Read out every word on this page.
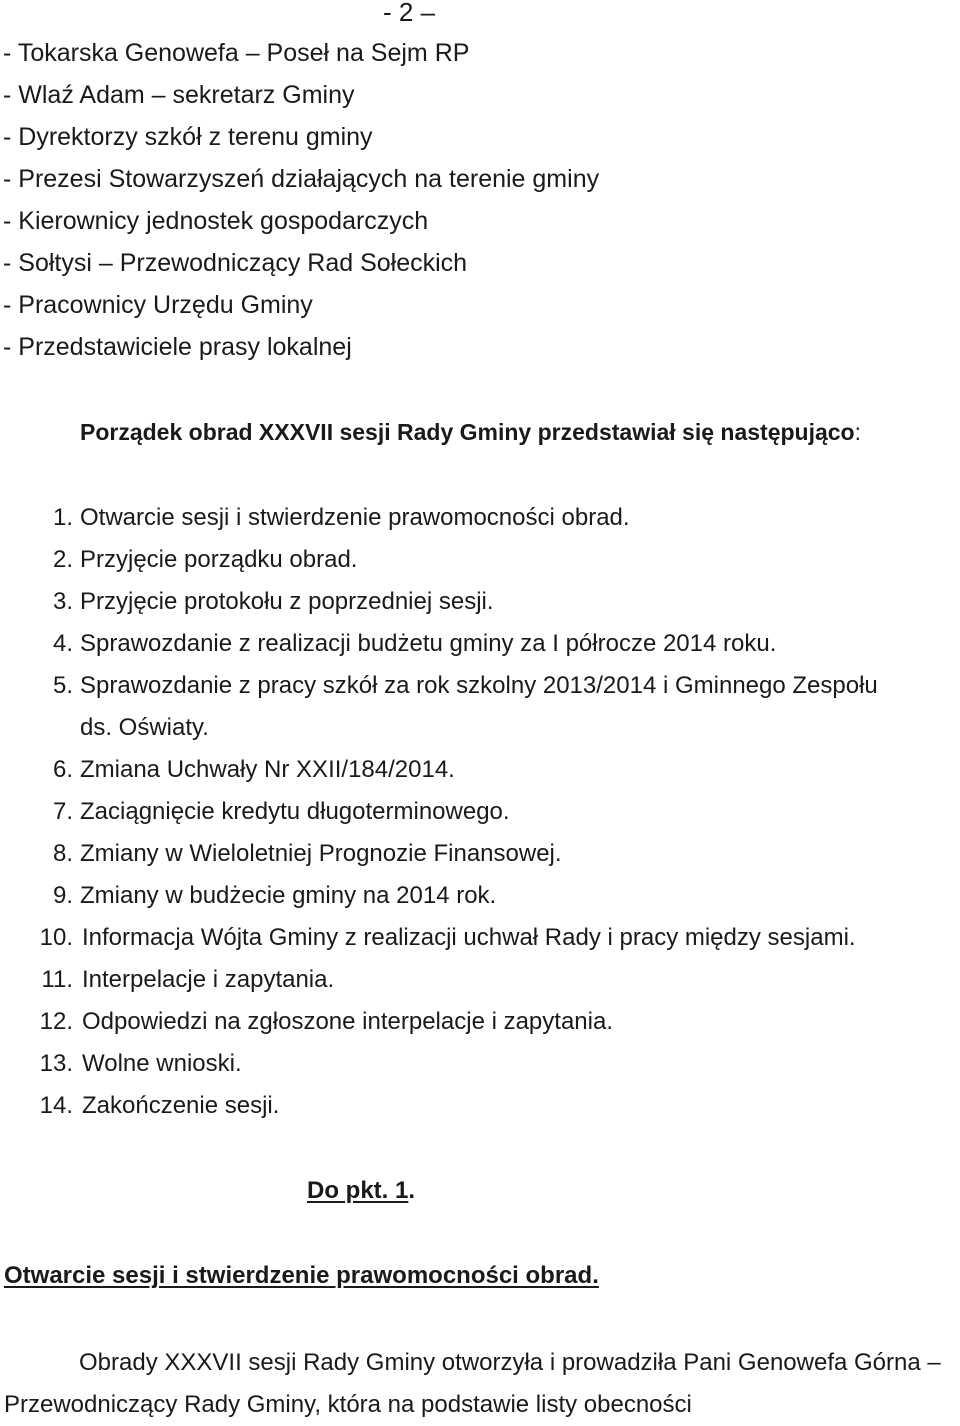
- 2 –
- Tokarska Genowefa – Poseł na Sejm RP
- Wlaź Adam – sekretarz Gminy
- Dyrektorzy szkół z terenu gminy
- Prezesi Stowarzyszeń działających na terenie gminy
- Kierownicy jednostek gospodarczych
- Sołtysi – Przewodniczący Rad Sołeckich
- Pracownicy Urzędu Gminy
- Przedstawiciele prasy lokalnej
Porządek obrad XXXVII sesji Rady Gminy przedstawiał się następująco:
1. Otwarcie sesji i stwierdzenie prawomocności obrad.
2. Przyjęcie porządku obrad.
3. Przyjęcie protokołu z poprzedniej sesji.
4. Sprawozdanie z realizacji budżetu gminy za I półrocze 2014 roku.
5. Sprawozdanie z pracy szkół za rok szkolny 2013/2014 i Gminnego Zespołu ds. Oświaty.
6. Zmiana Uchwały Nr XXII/184/2014.
7. Zaciągnięcie kredytu długoterminowego.
8. Zmiany w Wieloletniej Prognozie Finansowej.
9. Zmiany w budżecie gminy na 2014 rok.
10. Informacja Wójta Gminy z realizacji uchwał Rady i pracy między sesjami.
11. Interpelacje i zapytania.
12. Odpowiedzi na zgłoszone interpelacje i zapytania.
13. Wolne wnioski.
14. Zakończenie sesji.
Do pkt. 1.
Otwarcie sesji i stwierdzenie prawomocności obrad.

Obrady XXXVII sesji Rady Gminy otworzyła i prowadziła Pani Genowefa Górna – Przewodniczący Rady Gminy, która na podstawie listy obecności
